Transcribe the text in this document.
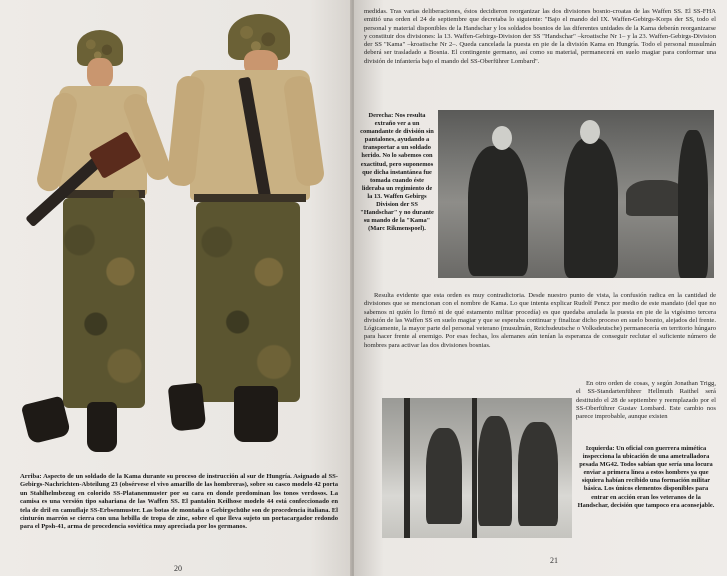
Arriba: Aspecto de un soldado de la Kama durante su proceso de instrucción al sur de Hungría. Asignado al SS-Gebirgs-Nachrichten-Abteilung 23 (obsérvese el vivo amarillo de las hombreras), sobre su casco modelo 42 porta un Stahlhelmbezug en colorido SS-Platanenmuster por su cara en donde predominan los tonos verdosos. La camisa es una versión tipo sahariana de las Waffen SS. El pantalón Keilhose modelo 44 está confeccionado en tela de dril en camuflaje SS-Erbsenmuster. Las botas de montaña o Gebirgschühe son de procedencia italiana. El cinturón marrón se cierra con una hebilla de tropa de zinc, sobre el que lleva sujeto un portacargador redondo para el Ppsh-41, arma de procedencia soviética muy apreciada por los germanos.
20
medidas. Tras varias deliberaciones, éstos decidieron reorganizar las dos divisiones bosnio-croatas de las Waffen SS. El SS-FHA emitió una orden el 24 de septiembre que decretaba lo siguiente: "Bajo el mando del IX. Waffen-Gebirgs-Korps der SS, todo el personal y material disponibles de la Handschar y los soldados bosnios de las diferentes unidades de la Kama deberán reorganizarse y constituir dos divisiones: la 13. Waffen-Gebirgs-Division der SS "Handschar" –kroatische Nr 1– y la 23. Waffen-Gebirgs-Division der SS "Kama" –kroatische Nr 2–. Queda cancelada la puesta en pie de la división Kama en Hungría. Todo el personal musulmán deberá ser trasladado a Bosnia. El contingente germano, así como su material, permanecerá en suelo magiar para conformar una división de infantería bajo el mando del SS-Oberführer Lombard".
Derecha: Nos resulta extraño ver a un comandante de división sin pantalones, ayudando a transportar a un soldado herido. No lo sabemos con exactitud, pero suponemos que dicha instantánea fue tomada cuando éste lideraba un regimiento de la 13. Waffen Gebirgs Division der SS "Handschar" y no durante su mando de la "Kama" (Marc Rikmenspoel).
Resulta evidente que esta orden es muy contradictoria. Desde nuestro punto de vista, la confusión radica en la cantidad de divisiones que se mencionan con el nombre de Kama. Lo que intenta explicar Rudolf Pencz por medio de este mandato (del que no sabemos ni quién lo firmó ni de qué estamento militar procedía) es que quedaba anulada la puesta en pie de la vigésimo tercera división de las Waffen SS en suelo magiar y que se esperaba continuar y finalizar dicho proceso en suelo bosnio, alejados del frente. Lógicamente, la mayor parte del personal veterano (musulmán, Reichsdeutsche o Volksdeutsche) permanecería en territorio húngaro para hacer frente al enemigo. Por esas fechas, los alemanes aún tenían la esperanza de conseguir reclutar el suficiente número de hombres para activar las dos divisiones bosnias.
En otro orden de cosas, y según Jonathan Trigg, el SS-Standartenführer Hellmuth Raithel será destituido el 28 de septiembre y reemplazado por el SS-Oberführer Gustav Lombard. Este cambio nos parece improbable, aunque existen
Izquierda: Un oficial con guerrera mimética inspecciona la ubicación de una ametralladora pesada MG42. Todos sabían que sería una locura enviar a primera línea a estos hombres ya que siquiera habían recibido una formación militar básica. Los únicos elementos disponibles para entrar en acción eran los veteranos de la Handschar, decisión que tampoco era aconsejable.
21
